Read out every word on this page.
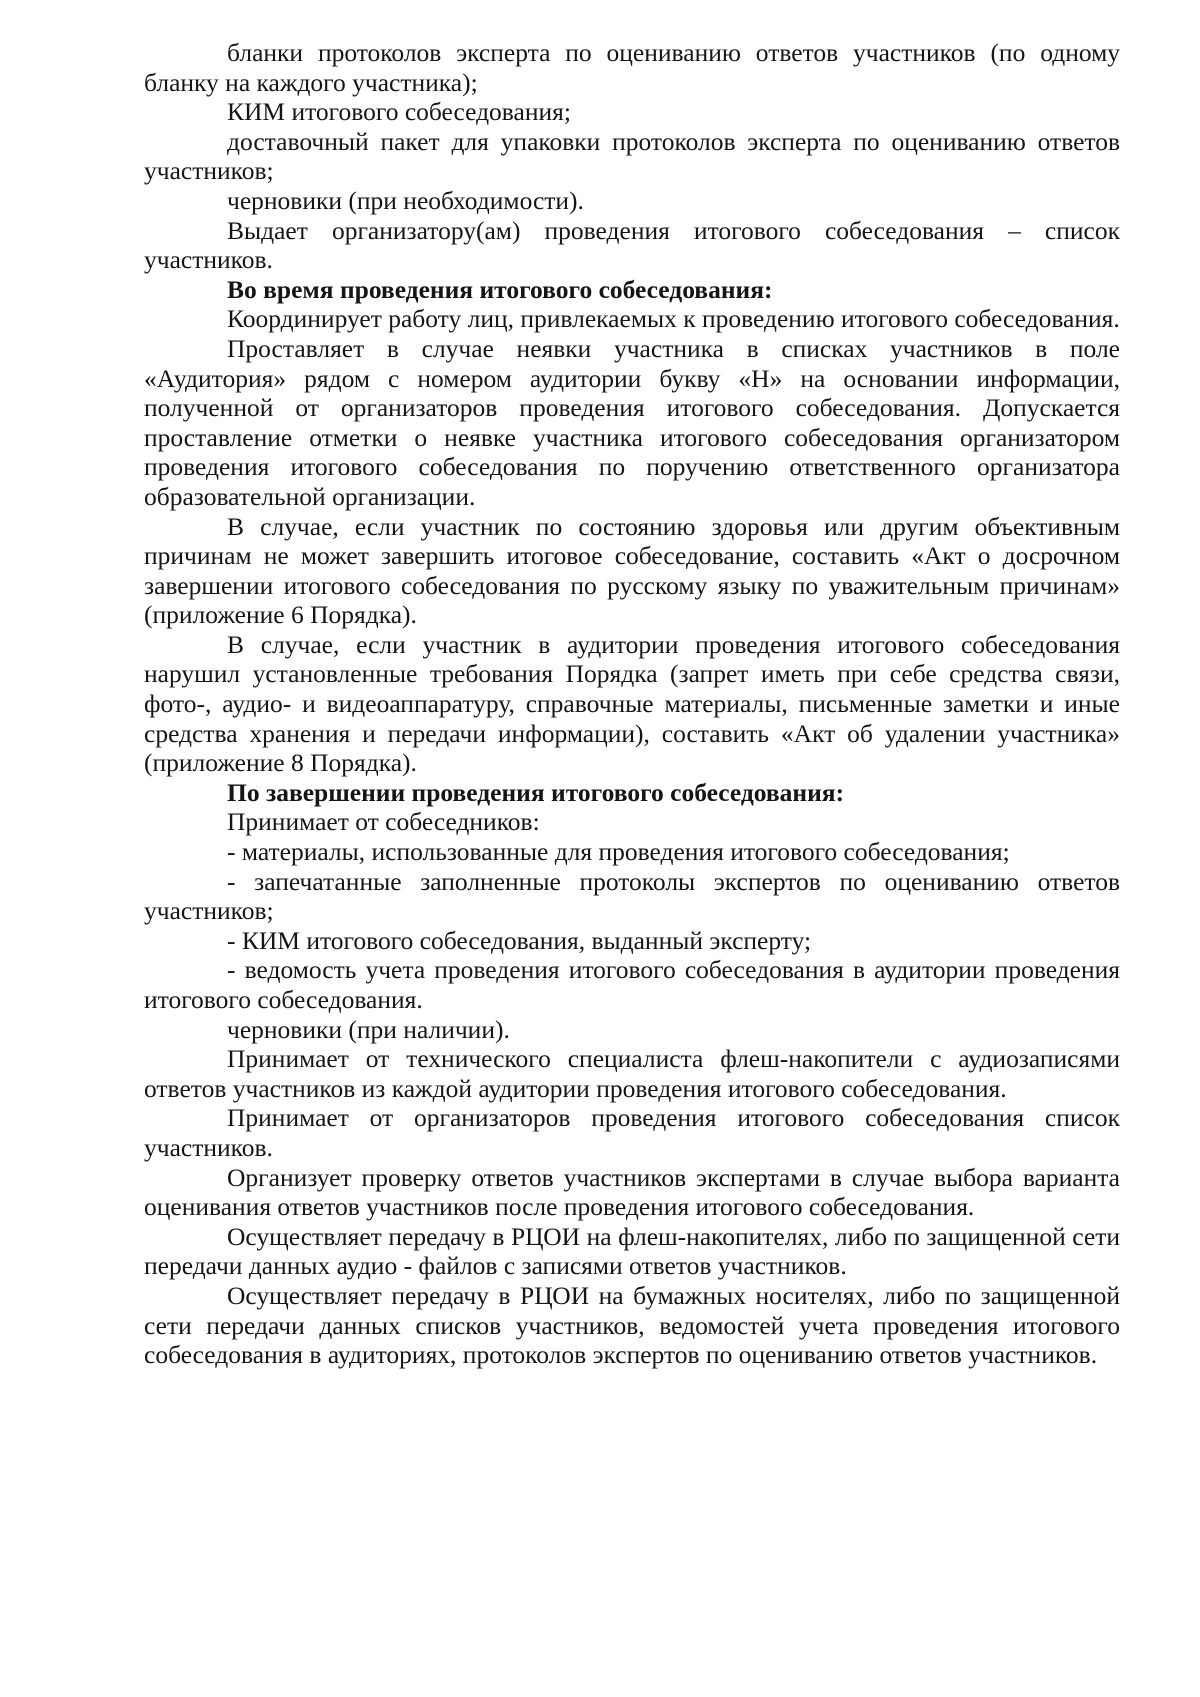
бланки протоколов эксперта по оцениванию ответов участников (по одному бланку на каждого участника);

КИМ итогового собеседования;

доставочный пакет для упаковки протоколов эксперта по оцениванию ответов участников;

черновики (при необходимости).

Выдает организатору(ам) проведения итогового собеседования – список участников.

Во время проведения итогового собеседования:

Координирует работу лиц, привлекаемых к проведению итогового собеседования.

Проставляет в случае неявки участника в списках участников в поле «Аудитория» рядом с номером аудитории букву «Н» на основании информации, полученной от организаторов проведения итогового собеседования. Допускается проставление отметки о неявке участника итогового собеседования организатором проведения итогового собеседования по поручению ответственного организатора образовательной организации.

В случае, если участник по состоянию здоровья или другим объективным причинам не может завершить итоговое собеседование, составить «Акт о досрочном завершении итогового собеседования по русскому языку по уважительным причинам» (приложение 6 Порядка).

В случае, если участник в аудитории проведения итогового собеседования нарушил установленные требования Порядка (запрет иметь при себе средства связи, фото-, аудио- и видеоаппаратуру, справочные материалы, письменные заметки и иные средства хранения и передачи информации), составить «Акт об удалении участника» (приложение 8 Порядка).

По завершении проведения итогового собеседования:

Принимает от собеседников:

- материалы, использованные для проведения итогового собеседования;

- запечатанные заполненные протоколы экспертов по оцениванию ответов участников;

- КИМ итогового собеседования, выданный эксперту;

- ведомость учета проведения итогового собеседования в аудитории проведения итогового собеседования.

черновики (при наличии).

Принимает от технического специалиста флеш-накопители с аудиозаписями ответов участников из каждой аудитории проведения итогового собеседования.

Принимает от организаторов проведения итогового собеседования список участников.

Организует проверку ответов участников экспертами в случае выбора варианта оценивания ответов участников после проведения итогового собеседования.

Осуществляет передачу в РЦОИ на флеш-накопителях, либо по защищенной сети передачи данных аудио - файлов с записями ответов участников.

Осуществляет передачу в РЦОИ на бумажных носителях, либо по защищенной сети передачи данных списков участников, ведомостей учета проведения итогового собеседования в аудиториях, протоколов экспертов по оцениванию ответов участников.
